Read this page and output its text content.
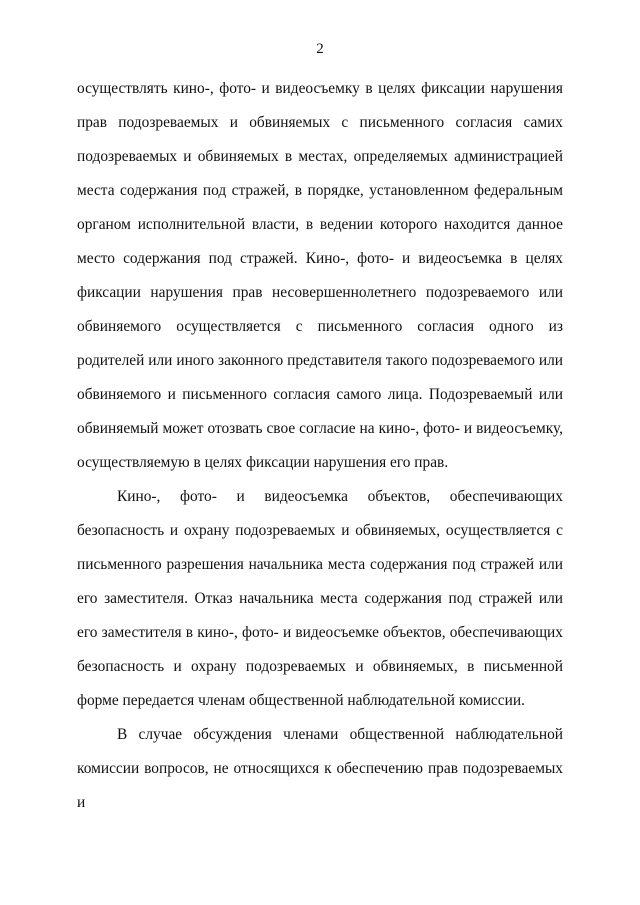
2

осуществлять кино-, фото- и видеосъемку в целях фиксации нарушения прав подозреваемых и обвиняемых с письменного согласия самих подозреваемых и обвиняемых в местах, определяемых администрацией места содержания под стражей, в порядке, установленном федеральным органом исполнительной власти, в ведении которого находится данное место содержания под стражей. Кино-, фото- и видеосъемка в целях фиксации нарушения прав несовершеннолетнего подозреваемого или обвиняемого осуществляется с письменного согласия одного из родителей или иного законного представителя такого подозреваемого или обвиняемого и письменного согласия самого лица. Подозреваемый или обвиняемый может отозвать свое согласие на кино-, фото- и видеосъемку, осуществляемую в целях фиксации нарушения его прав.

Кино-, фото- и видеосъемка объектов, обеспечивающих безопасность и охрану подозреваемых и обвиняемых, осуществляется с письменного разрешения начальника места содержания под стражей или его заместителя. Отказ начальника места содержания под стражей или его заместителя в кино-, фото- и видеосъемке объектов, обеспечивающих безопасность и охрану подозреваемых и обвиняемых, в письменной форме передается членам общественной наблюдательной комиссии.

В случае обсуждения членами общественной наблюдательной комиссии вопросов, не относящихся к обеспечению прав подозреваемых и
